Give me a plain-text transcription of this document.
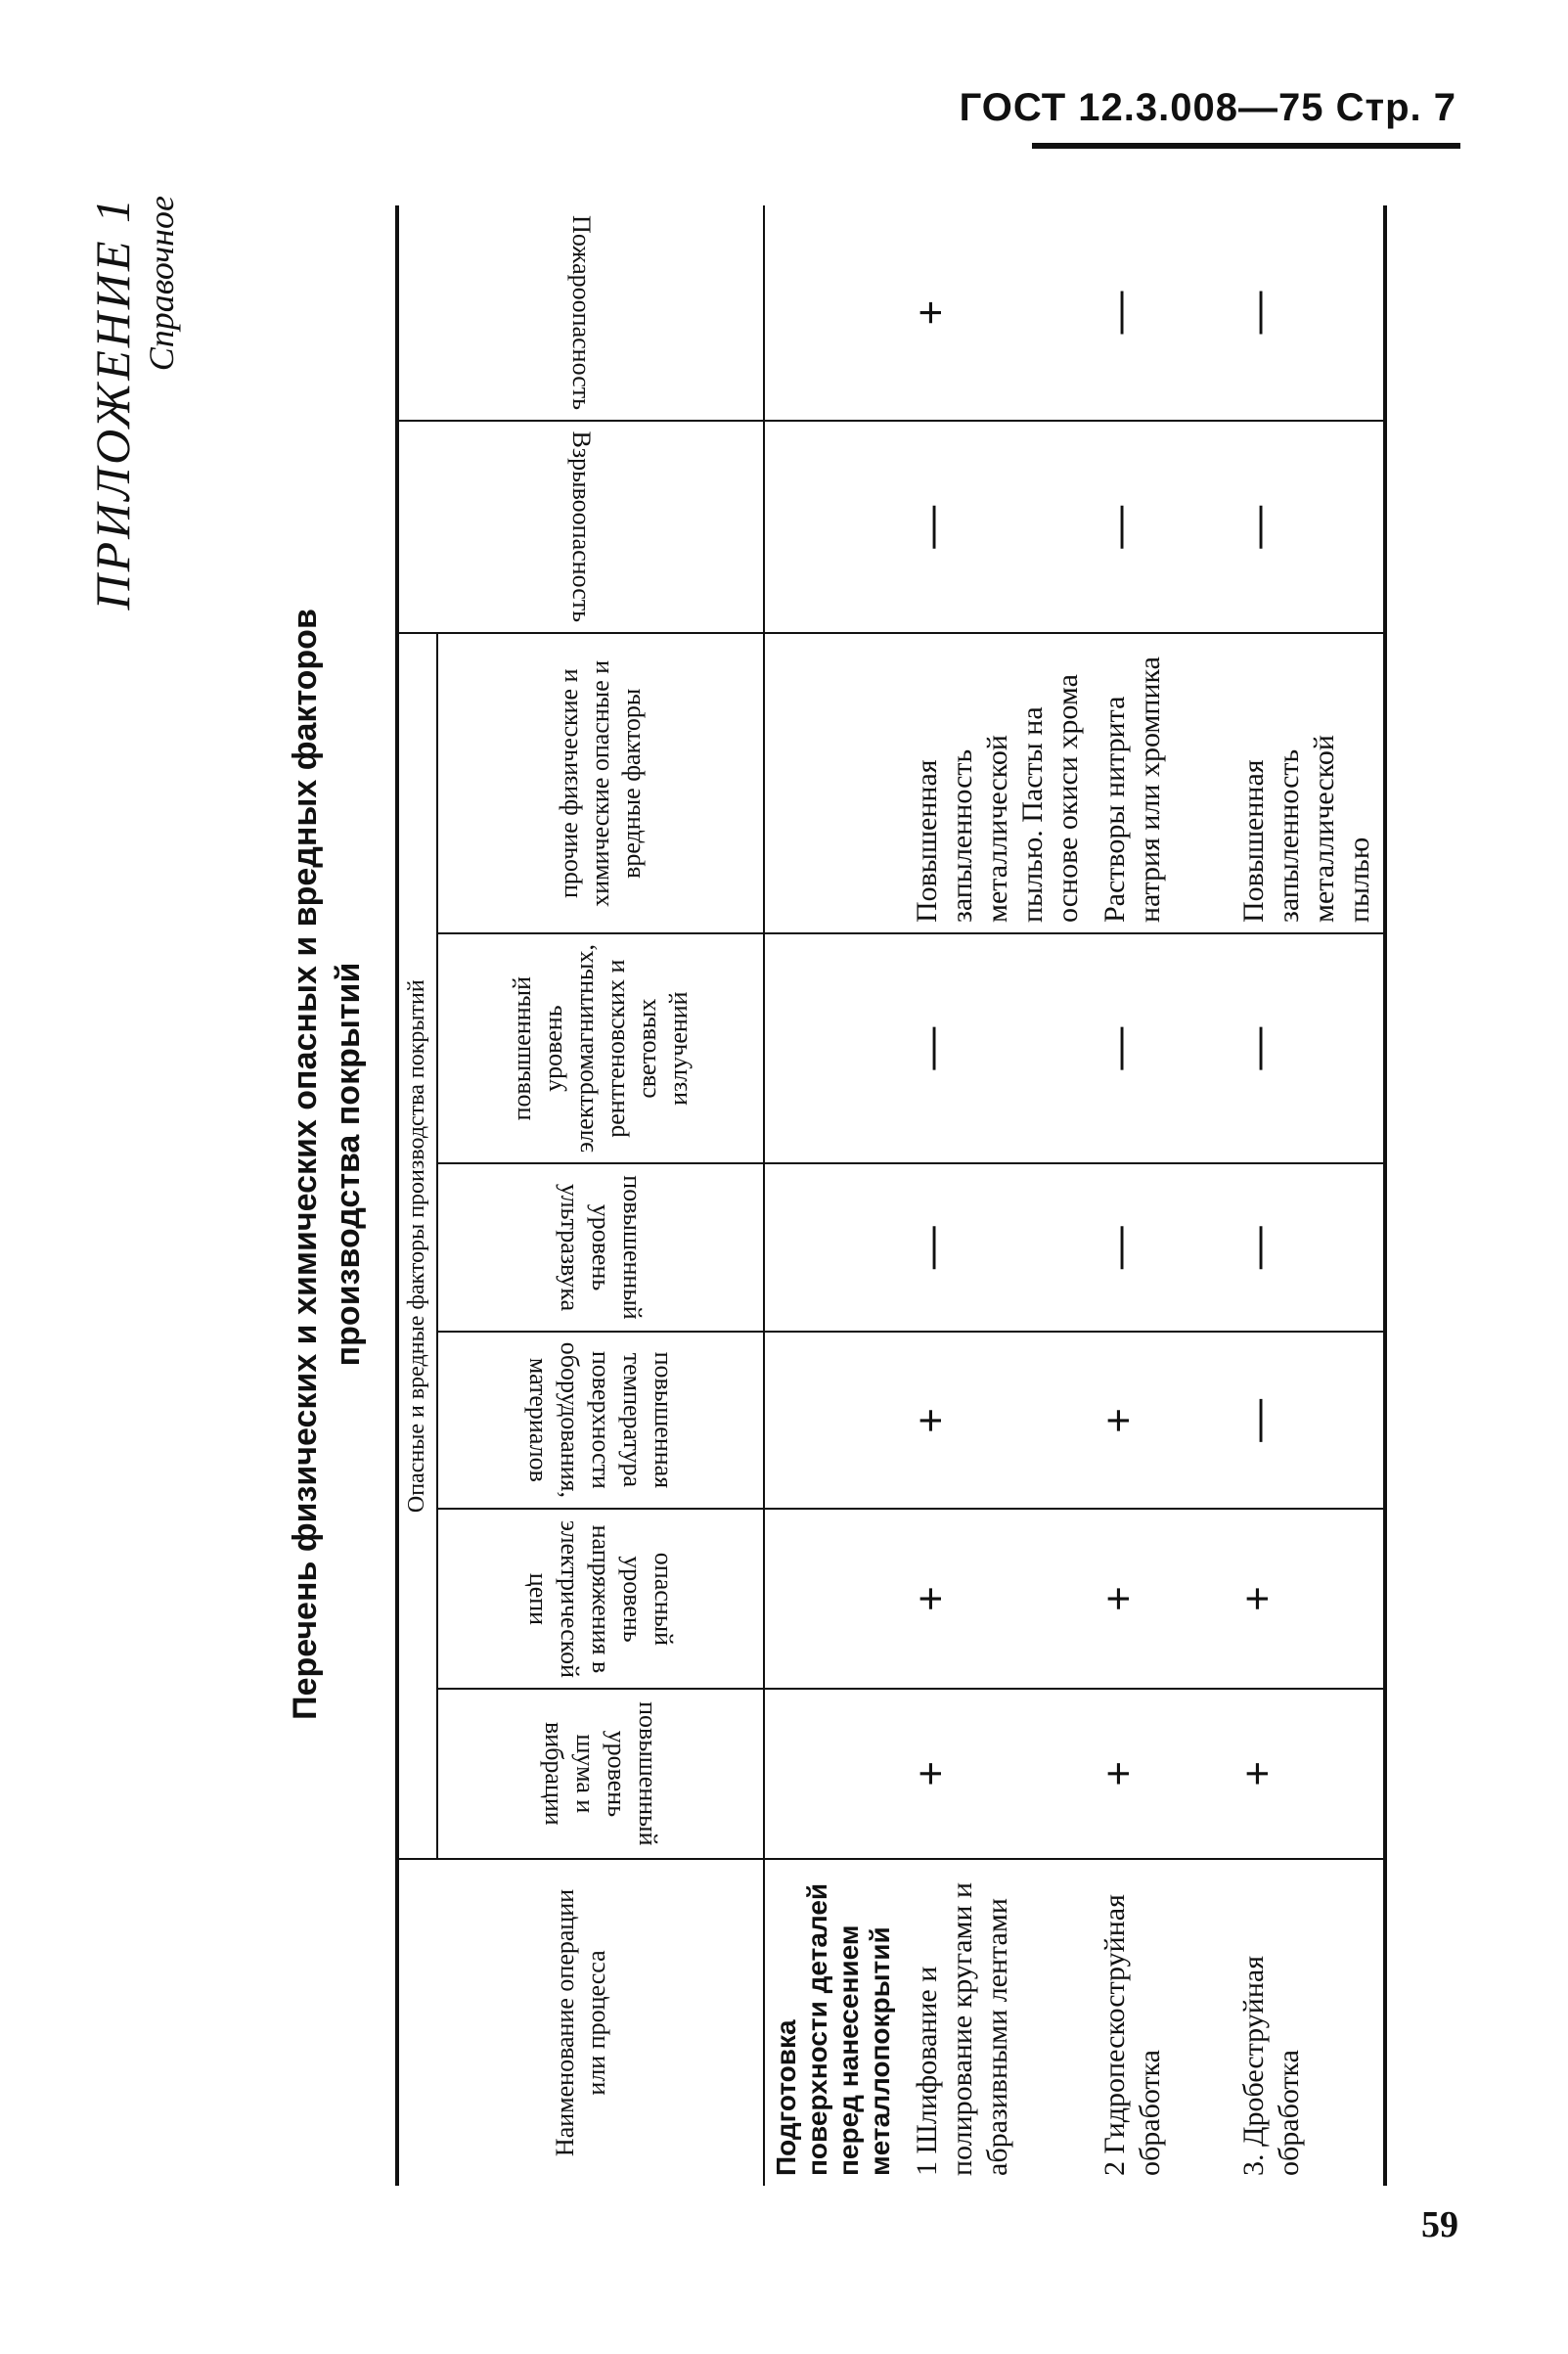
ГОСТ 12.3.008—75 Стр. 7
59
ПРИЛОЖЕНИЕ 1 Справочное
Перечень физических и химических опасных и вредных факторов производства покрытий
Наименование операции или процесса	Опасные и вредные факторы производства покрытий						Взрывоопасность	Пожароопасность
	повышенный уровень шума и вибрации	опасный уровень напряжения в электрической цепи	повышенная температура поверхности оборудования, материалов	повышенный уровень ультразвука	повышенный уровень электромагнитных, рентгеновских и световых излучений	прочие физические и химические опасные и вредные факторы		
Подготовка поверхности деталей перед нанесением металлопокрытий								
1 Шлифование и полирование кругами и абразивными лентами	+	+	+	—	—	Повышенная запыленность металлической пылью. Пасты на основе окиси хрома	—	+
2 Гидропескоструйная обработка	+	+	+	—	—	Растворы нитрита натрия или хромпика	—	—
3. Дробеструйная обработка	+	+	—	—	—	Повышенная запыленность металлической пылью	—	—
